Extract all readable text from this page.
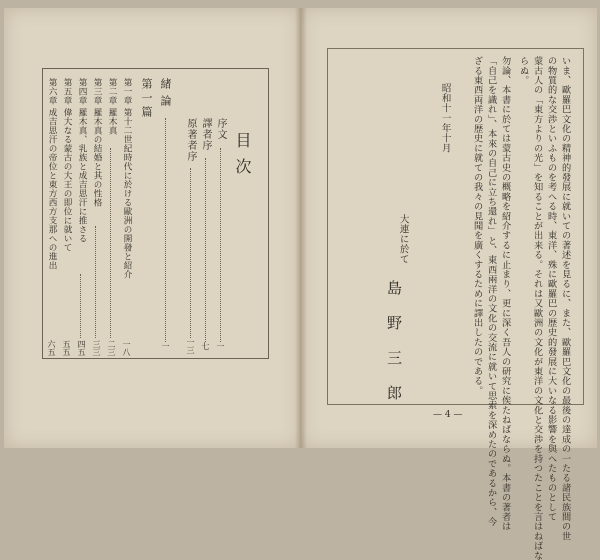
目次
序文
一
譯者序
七
原著者序
一三
緒論
一
第一篇
第一章 第十二世紀時代に於ける歐洲の開發と紹介
一八
第二章 羅木真
二三
第三章 羅木真の結婚と其の性格
三三
第四章 羅木真、乳族と成吉思汗に推さる
四五
第五章 偉大なる蒙古の大王の即位に就いて
五五
第六章 成吉思汗の帝位と東方西方支那への進出
六五	いま、歐羅巴文化の精神的發展に就いての著述を見るに、また、歐羅巴文化の最後の達成の一たる諸民族間の世
の物質的な交渉といふものを考へる時、東洋、殊に歐羅巴の歴史的發展に大いなる影響を與へたものとして
蒙古人の「東方よりの光」を知ることが出来る。それは又歐洲の文化が東洋の文化と交渉を持つたことを言はねばな
らぬ。
勿論、本書に於ては蒙古史の概略を紹介するに止まり、更に深く吾人の研究に俟たねばならぬ。本書の著者は
「自己を識れ」、本來の自己に立ち還れ」と、東西兩洋の文化の交流に就いて思索を深めたのであるから、今
ざる東西両洋の歴史に就ての我々の見聞を廣くするために譯出したのである。
昭和十一年十月
大連に於て
島野三郎	— 4 —
